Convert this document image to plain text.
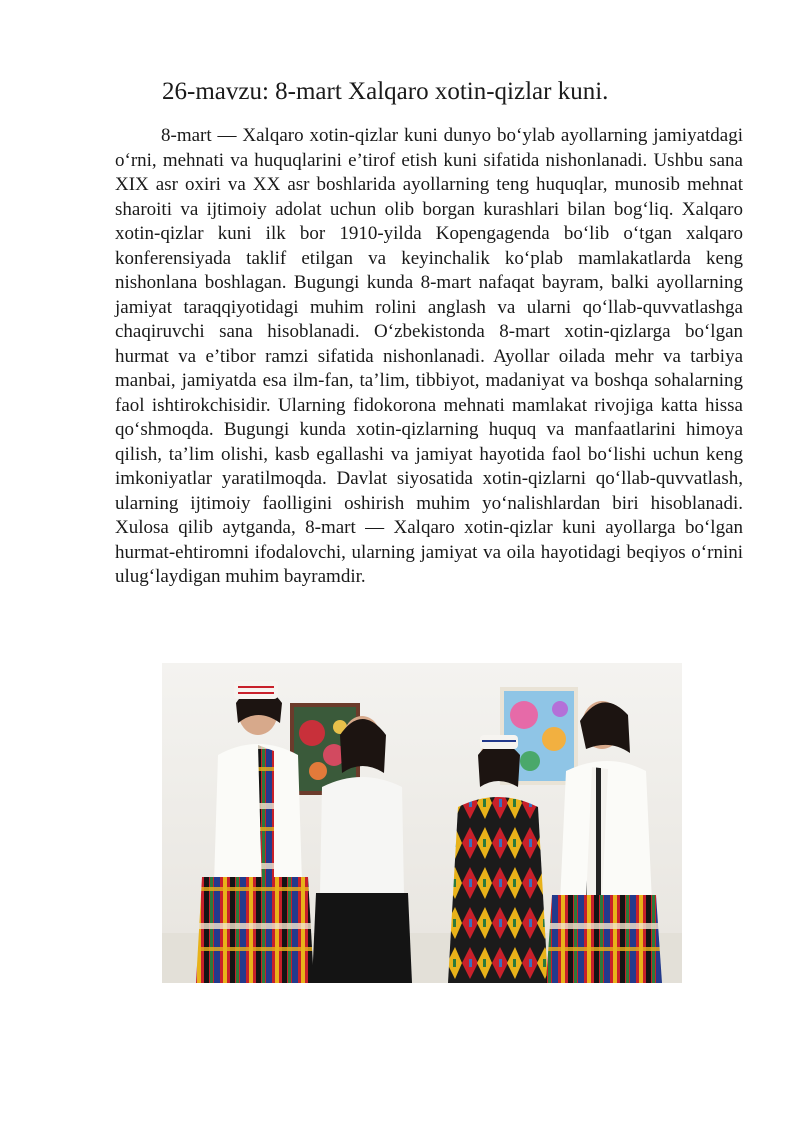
26-mavzu: 8-mart Xalqaro xotin-qizlar kuni.

8-mart — Xalqaro xotin-qizlar kuni dunyo bo‘ylab ayollarning jamiyatdagi o‘rni, mehnati va huquqlarini e’tirof etish kuni sifatida nishonlanadi. Ushbu sana XIX asr oxiri va XX asr boshlarida ayollarning teng huquqlar, munosib mehnat sharoiti va ijtimoiy adolat uchun olib borgan kurashlari bilan bog‘liq. Xalqaro xotin-qizlar kuni ilk bor 1910-yilda Kopengagenda bo‘lib o‘tgan xalqaro konferensiyada taklif etilgan va keyinchalik ko‘plab mamlakatlarda keng nishonlana boshlagan. Bugungi kunda 8-mart nafaqat bayram, balki ayollarning jamiyat taraqqiyotidagi muhim rolini anglash va ularni qo‘llab-quvvatlashga chaqiruvchi sana hisoblanadi. O‘zbekistonda 8-mart xotin-qizlarga bo‘lgan hurmat va e’tibor ramzi sifatida nishonlanadi. Ayollar oilada mehr va tarbiya manbai, jamiyatda esa ilm-fan, ta’lim, tibbiyot, madaniyat va boshqa sohalarning faol ishtirokchisidir. Ularning fidokorona mehnati mamlakat rivojiga katta hissa qo‘shmoqda. Bugungi kunda xotin-qizlarning huquq va manfaatlarini himoya qilish, ta’lim olishi, kasb egallashi va jamiyat hayotida faol bo‘lishi uchun keng imkoniyatlar yaratilmoqda. Davlat siyosatida xotin-qizlarni qo‘llab-quvvatlash, ularning ijtimoiy faolligini oshirish muhim yo‘nalishlardan biri hisoblanadi. Xulosa qilib aytganda, 8-mart — Xalqaro xotin-qizlar kuni ayollarga bo‘lgan hurmat-ehtiromni ifodalovchi, ularning jamiyat va oila hayotidagi beqiyos o‘rnini ulug‘laydigan muhim bayramdir.
